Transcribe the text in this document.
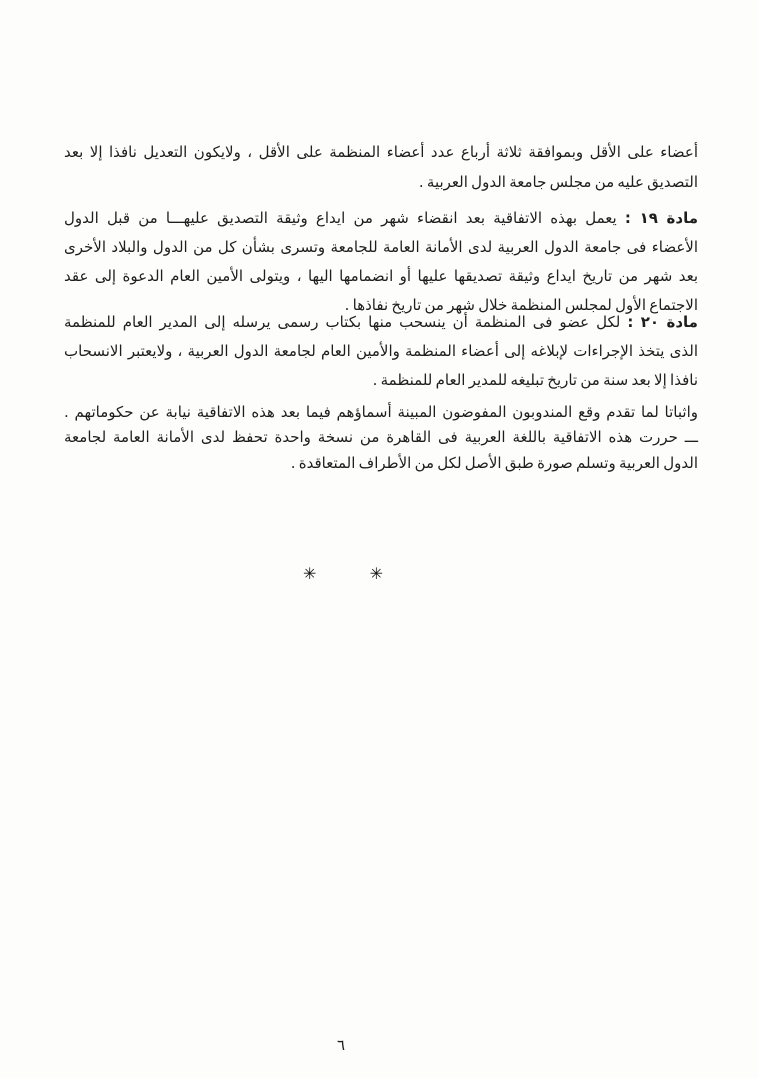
أعضاء على الأقل وبموافقة ثلاثة أرباع عدد أعضاء المنظمة على الأقل ، ولايكون التعديل نافذا إلا بعد
التصديق عليه من مجلس جامعة الدول العربية .
مادة ١٩ : يعمل بهذه الاتفاقية بعد انقضاء شهر من ايداع وثيقة التصديق عليهـــا من قبل الدول
الأعضاء فى جامعة الدول العربية لدى الأمانة العامة للجامعة وتسرى بشأن كل من الدول والبلاد الأخرى
بعد شهر من تاريخ ايداع وثيقة تصديقها عليها أو انضمامها اليها ، ويتولى الأمين العام الدعوة إلى عقد
الاجتماع الأول لمجلس المنظمة خلال شهر من تاريخ نفاذها .
مادة ٢٠ : لكل عضو فى المنظمة أن ينسحب منها بكتاب رسمى يرسله إلى المدير العام للمنظمة
الذى يتخذ الإجراءات لإبلاغه إلى أعضاء المنظمة والأمين العام لجامعة الدول العربية ، ولايعتبر الانسحاب
نافذا إلا بعد سنة من تاريخ تبليغه للمدير العام للمنظمة .
واثباتا لما تقدم وقع المندوبون المفوضون المبينة أسماؤهم فيما بعد هذه الاتفاقية نيابة عن حكوماتهم .
ـــ حررت هذه الاتفاقية باللغة العربية فى القاهرة من نسخة واحدة تحفظ لدى الأمانة العامة لجامعة
الدول العربية وتسلم صورة طبق الأصل لكل من الأطراف المتعاقدة .
✳	✳
٦
